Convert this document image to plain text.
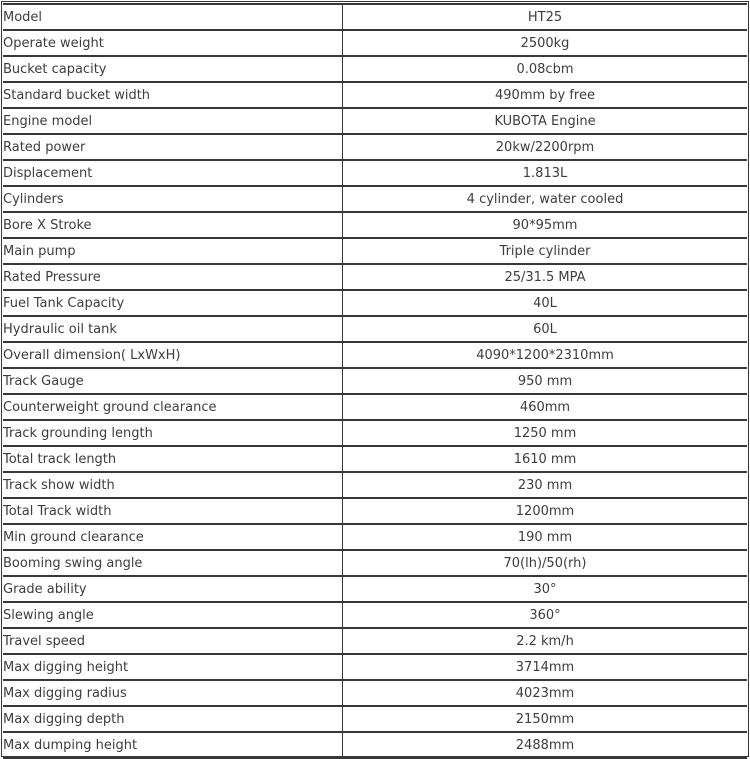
Model	HT25
Operate weight	2500kg
Bucket capacity	0.08cbm
Standard bucket width	490mm by free
Engine model	KUBOTA Engine
Rated power	20kw/2200rpm
Displacement	1.813L
Cylinders	4 cylinder, water cooled
Bore X Stroke	90*95mm
Main pump	Triple cylinder
Rated Pressure	25/31.5 MPA
Fuel Tank Capacity	40L
Hydraulic oil tank	60L
Overall dimension( LxWxH)	4090*1200*2310mm
Track Gauge	950 mm
Counterweight ground clearance	460mm
Track grounding length	1250 mm
Total track length	1610 mm
Track show width	230 mm
Total Track width	1200mm
Min ground clearance	190 mm
Booming swing angle	70(lh)/50(rh)
Grade ability	30°
Slewing angle	360°
Travel speed	2.2 km/h
Max digging height	3714mm
Max digging radius	4023mm
Max digging depth	2150mm
Max dumping height	2488mm
